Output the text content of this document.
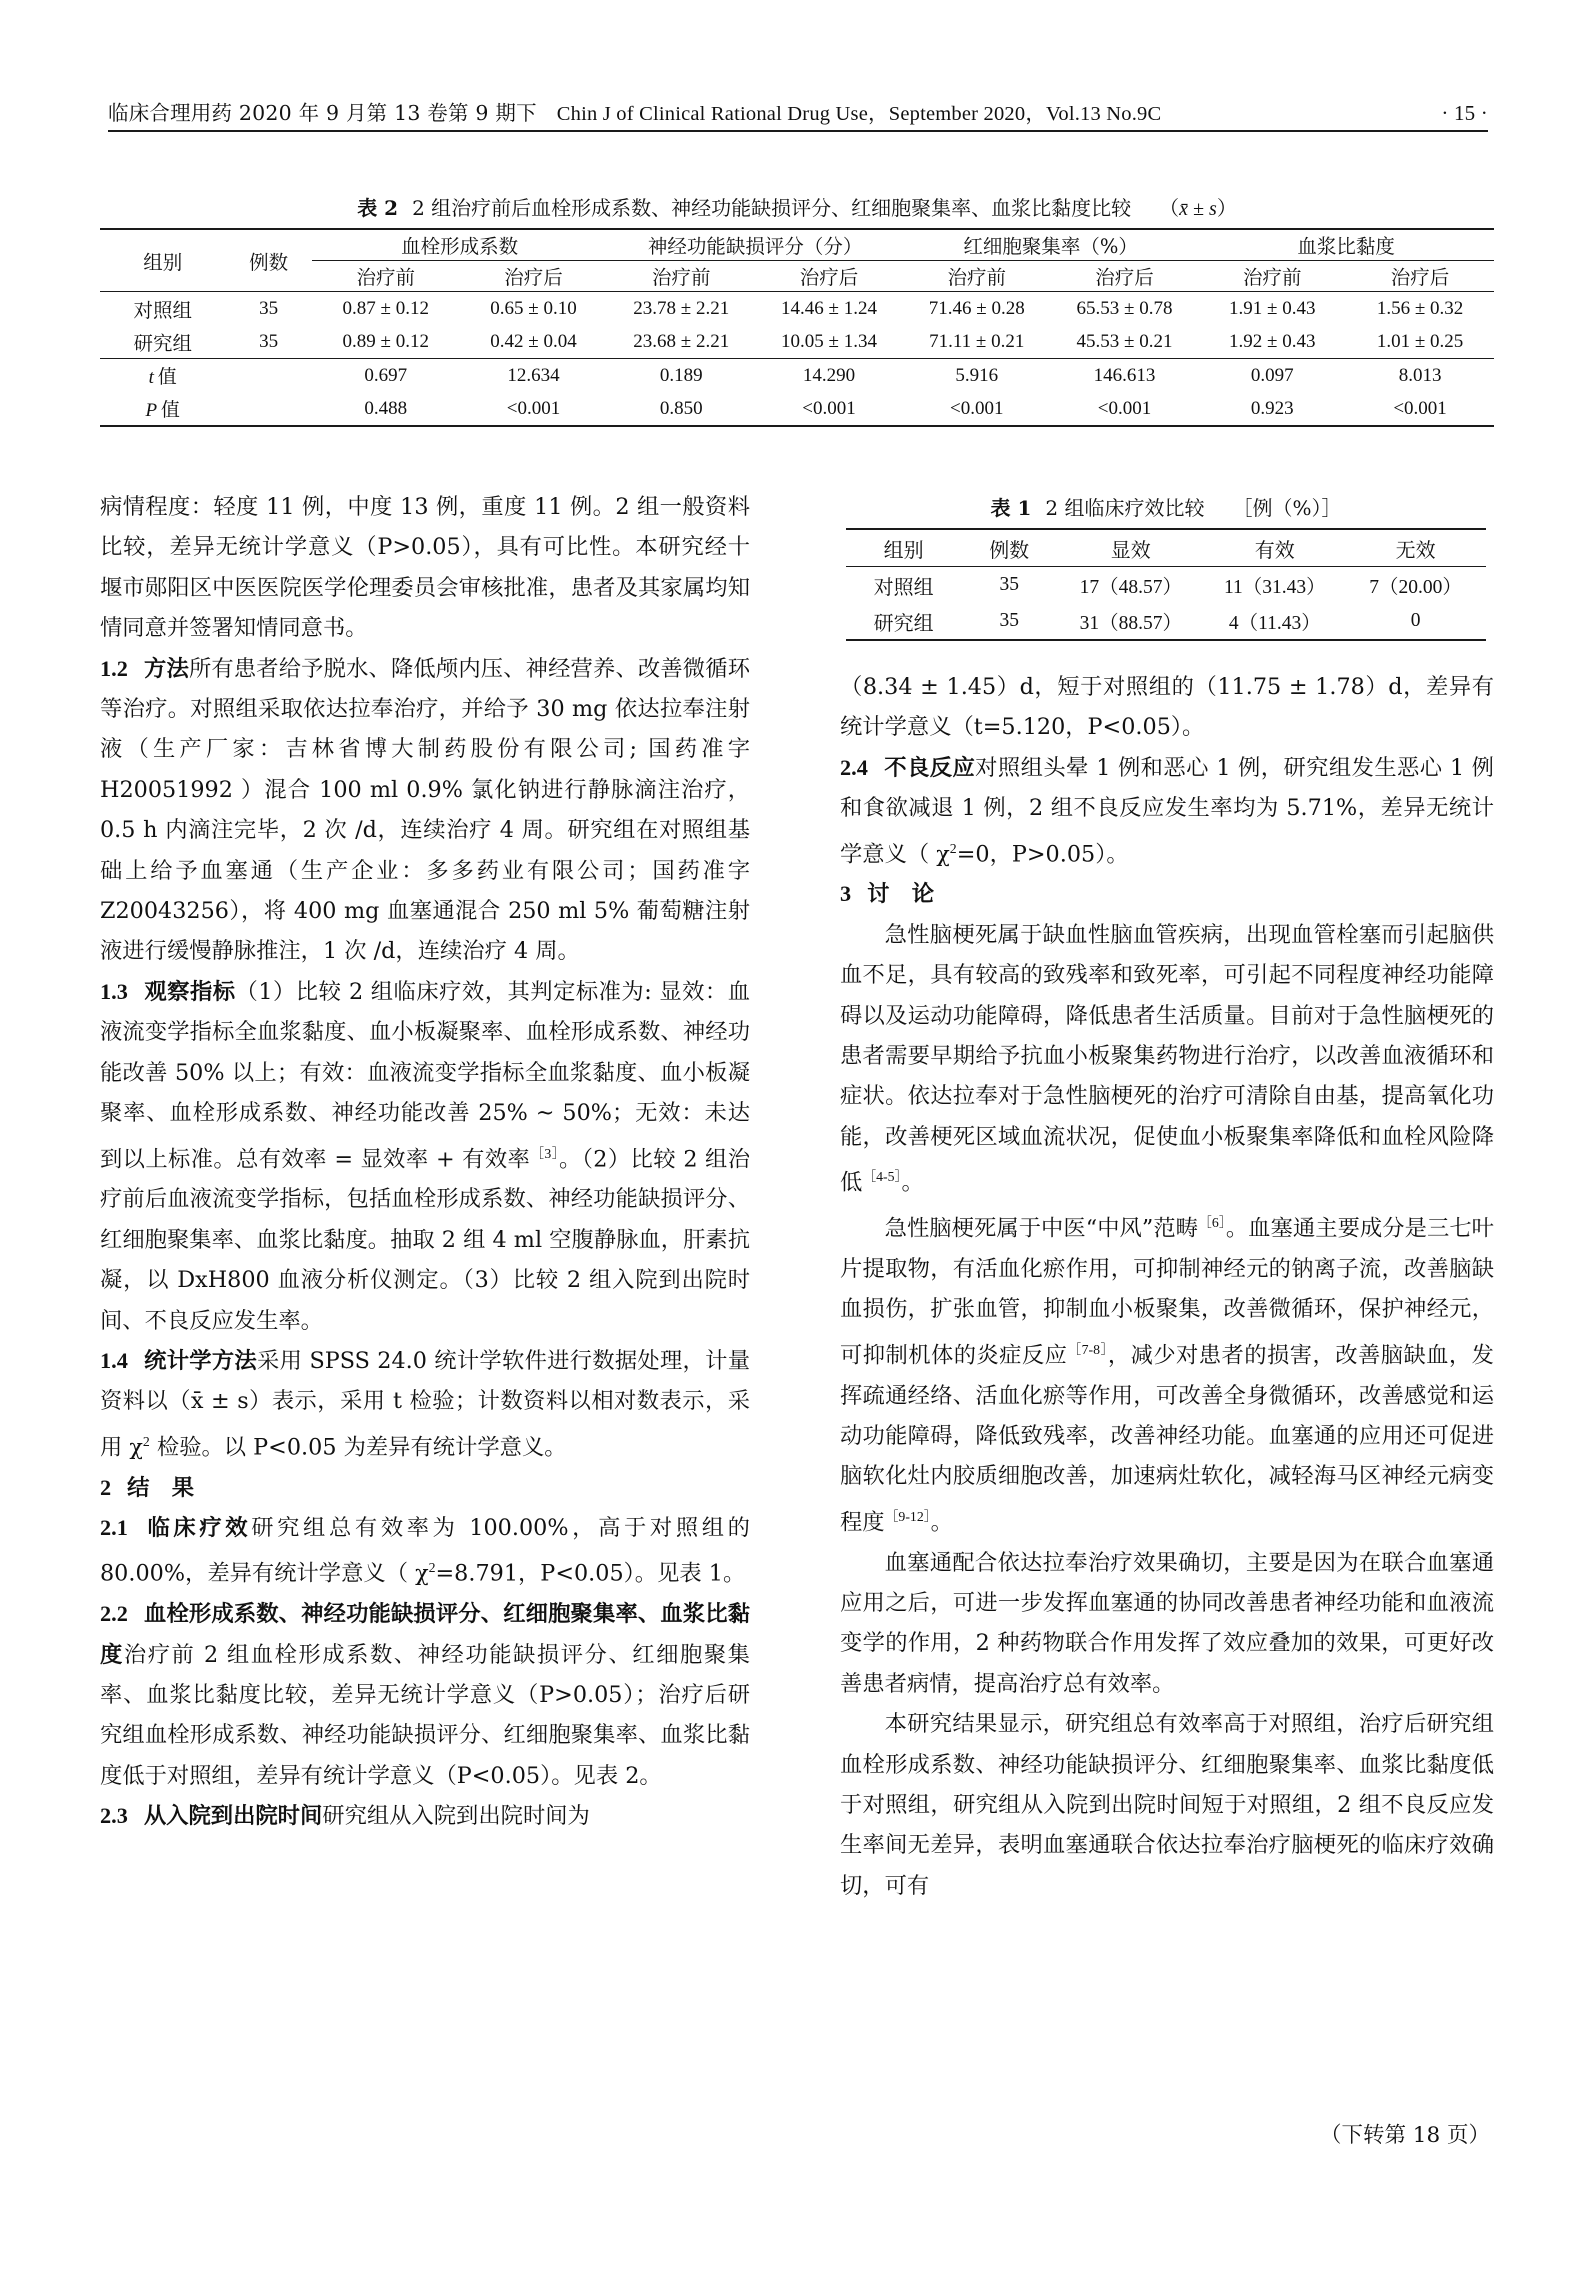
临床合理用药 2020 年 9 月第 13 卷第 9 期下 Chin J of Clinical Rational Drug Use，September 2020，Vol.13 No.9C	· 15 ·
表 2 2 组治疗前后血栓形成系数、神经功能缺损评分、红细胞聚集率、血浆比黏度比较 （x̄ ± s）
组别	例数	血栓形成系数		神经功能缺损评分（分）		红细胞聚集率（%）		血浆比黏度	
		治疗前	治疗后	治疗前	治疗后	治疗前	治疗后	治疗前	治疗后
对照组	35	0.87 ± 0.12	0.65 ± 0.10	23.78 ± 2.21	14.46 ± 1.24	71.46 ± 0.28	65.53 ± 0.78	1.91 ± 0.43	1.56 ± 0.32
研究组	35	0.89 ± 0.12	0.42 ± 0.04	23.68 ± 2.21	10.05 ± 1.34	71.11 ± 0.21	45.53 ± 0.21	1.92 ± 0.43	1.01 ± 0.25
t  值		0.697	12.634	0.189	14.290	5.916	146.613	0.097	8.013
P  值		0.488	<0.001	0.850	<0.001	<0.001	<0.001	0.923	<0.001

病情程度：轻度 11 例，中度 13 例，重度 11 例。2 组一般资料比较，差异无统计学意义（P>0.05），具有可比性。本研究经十堰市郧阳区中医医院医学伦理委员会审核批准，患者及其家属均知情同意并签署知情同意书。

1.2 方法所有患者给予脱水、降低颅内压、神经营养、改善微循环等治疗。对照组采取依达拉奉治疗，并给予 30 mg 依达拉奉注射液（生产厂家：吉林省博大制药股份有限公司; 国药准字 H20051992 ）混合 100 ml 0.9% 氯化钠进行静脉滴注治疗，0.5 h 内滴注完毕，2 次 /d，连续治疗 4 周。研究组在对照组基础上给予血塞通（生产企业：多多药业有限公司；国药准字 Z20043256），将 400 mg 血塞通混合 250 ml 5% 葡萄糖注射液进行缓慢静脉推注，1 次 /d，连续治疗 4 周。

1.3 观察指标（1）比较 2 组临床疗效，其判定标准为: 显效：血液流变学指标全血浆黏度、血小板凝聚率、血栓形成系数、神经功能改善 50% 以上；有效：血液流变学指标全血浆黏度、血小板凝聚率、血栓形成系数、神经功能改善 25% ~ 50%；无效：未达到以上标准。总有效率 = 显效率 + 有效率$^{[3]}$。（2）比较 2 组治疗前后血液流变学指标，包括血栓形成系数、神经功能缺损评分、红细胞聚集率、血浆比黏度。抽取 2 组 4 ml 空腹静脉血，肝素抗凝，以 DxH800 血液分析仪测定。（3）比较 2 组入院到出院时间、不良反应发生率。

1.4 统计学方法采用 SPSS 24.0 统计学软件进行数据处理，计量资料以（x̄ ± s）表示，采用 t 检验；计数资料以相对数表示，采用 $\chi^2$ 检验。以 P<0.05 为差异有统计学意义。

2 结　果

2.1 临床疗效研究组总有效率为 100.00%，高于对照组的 80.00%，差异有统计学意义（ $\chi^2=8.791$，P<0.05）。见表 1。

2.2 血栓形成系数、神经功能缺损评分、红细胞聚集率、血浆比黏度治疗前 2 组血栓形成系数、神经功能缺损评分、红细胞聚集率、血浆比黏度比较，差异无统计学意义（P>0.05）；治疗后研究组血栓形成系数、神经功能缺损评分、红细胞聚集率、血浆比黏度低于对照组，差异有统计学意义（P<0.05）。见表 2。

2.3 从入院到出院时间研究组从入院到出院时间为

表 1 2 组临床疗效比较 ［例（%）］
组别	例数	显效	有效	无效
对照组	35	17（48.57）	11（31.43）	7（20.00）
研究组	35	31（88.57）	4（11.43）	0

（8.34 ± 1.45）d，短于对照组的（11.75 ± 1.78）d，差异有统计学意义（t=5.120，P<0.05）。

2.4 不良反应对照组头晕 1 例和恶心 1 例，研究组发生恶心 1 例和食欲减退 1 例，2 组不良反应发生率均为 5.71%，差异无统计学意义（ $\chi^2=0$，P>0.05）。

3 讨　论

急性脑梗死属于缺血性脑血管疾病，出现血管栓塞而引起脑供血不足，具有较高的致残率和致死率，可引起不同程度神经功能障碍以及运动功能障碍，降低患者生活质量。目前对于急性脑梗死的患者需要早期给予抗血小板聚集药物进行治疗，以改善血液循环和症状。依达拉奉对于急性脑梗死的治疗可清除自由基，提高氧化功能，改善梗死区域血流状况，促使血小板聚集率降低和血栓风险降低$^{[4-5]}$。

急性脑梗死属于中医“中风”范畴$^{[6]}$。血塞通主要成分是三七叶片提取物，有活血化瘀作用，可抑制神经元的钠离子流，改善脑缺血损伤，扩张血管，抑制血小板聚集，改善微循环，保护神经元，可抑制机体的炎症反应$^{[7-8]}$，减少对患者的损害，改善脑缺血，发挥疏通经络、活血化瘀等作用，可改善全身微循环，改善感觉和运动功能障碍，降低致残率，改善神经功能。血塞通的应用还可促进脑软化灶内胶质细胞改善，加速病灶软化，减轻海马区神经元病变程度$^{[9-12]}$。

血塞通配合依达拉奉治疗效果确切，主要是因为在联合血塞通应用之后，可进一步发挥血塞通的协同改善患者神经功能和血液流变学的作用，2 种药物联合作用发挥了效应叠加的效果，可更好改善患者病情，提高治疗总有效率。

本研究结果显示，研究组总有效率高于对照组，治疗后研究组血栓形成系数、神经功能缺损评分、红细胞聚集率、血浆比黏度低于对照组，研究组从入院到出院时间短于对照组，2 组不良反应发生率间无差异，表明血塞通联合依达拉奉治疗脑梗死的临床疗效确切，可有

（下转第 18 页）
